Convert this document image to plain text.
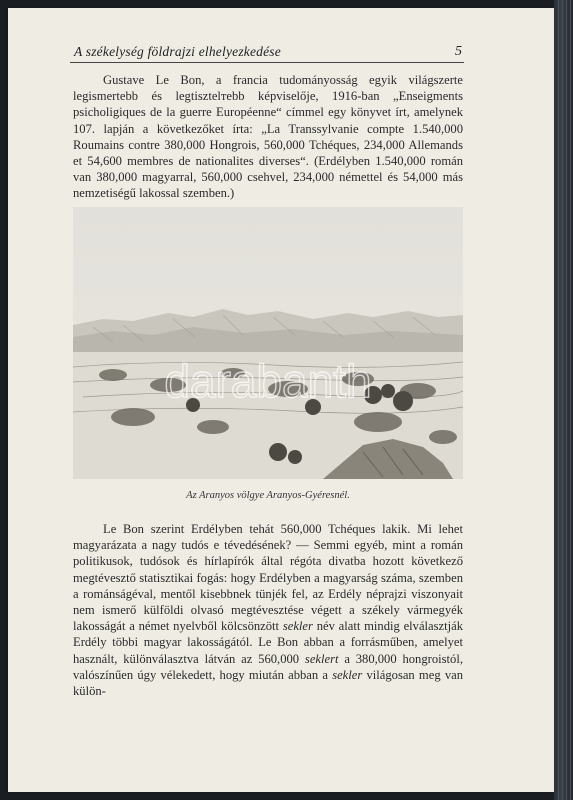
A székelység földrajzi elhelyezkedése	5

Gustave Le Bon, a francia tudományosság egyik világszerte legismertebb és legtisztelтebb képviselője, 1916-ban „Enseigments psicholigiques de la guerre Européenne“ címmel egy könyvet írt, amelynek 107. lapján a következőket írta: „La Transsylvanie compte 1.540,000 Roumains contre 380,000 Hongrois, 560,000 Tchéques, 234,000 Allemands et 54,600 membres de nationalites diverses“. (Erdélyben 1.540,000 román van 380,000 magyarral, 560,000 csehvel, 234,000 némettel és 54,000 más nemzetiségű lakossal szemben.)

darabanth
Az Aranyos völgye Aranyos-Gyéresnél.

Le Bon szerint Erdélyben tehát 560,000 Tchéques lakik. Mi lehet magyarázata a nagy tudós e tévedésének? — Semmi egyéb, mint a román politikusok, tudósok és hírlapírók által régóta divatba hozott következő megtévesztő statisztikai fogás: hogy Erdélyben a magyarság száma, szemben a románságéval, mentől kisebbnek tünjék fel, az Erdély néprajzi viszonyait nem ismerő külföldi olvasó megtévesztése végett a székely vármegyék lakosságát a német nyelvből kölcsönzött sekler név alatt mindig elválasztják Erdély többi magyar lakosságától. Le Bon abban a forrásműben, amelyet használt, különválasztva látván az 560,000 seklert a 380,000 hongroistól, valószínűen úgy vélekedett, hogy miután abban a sekler világosan meg van külön-
